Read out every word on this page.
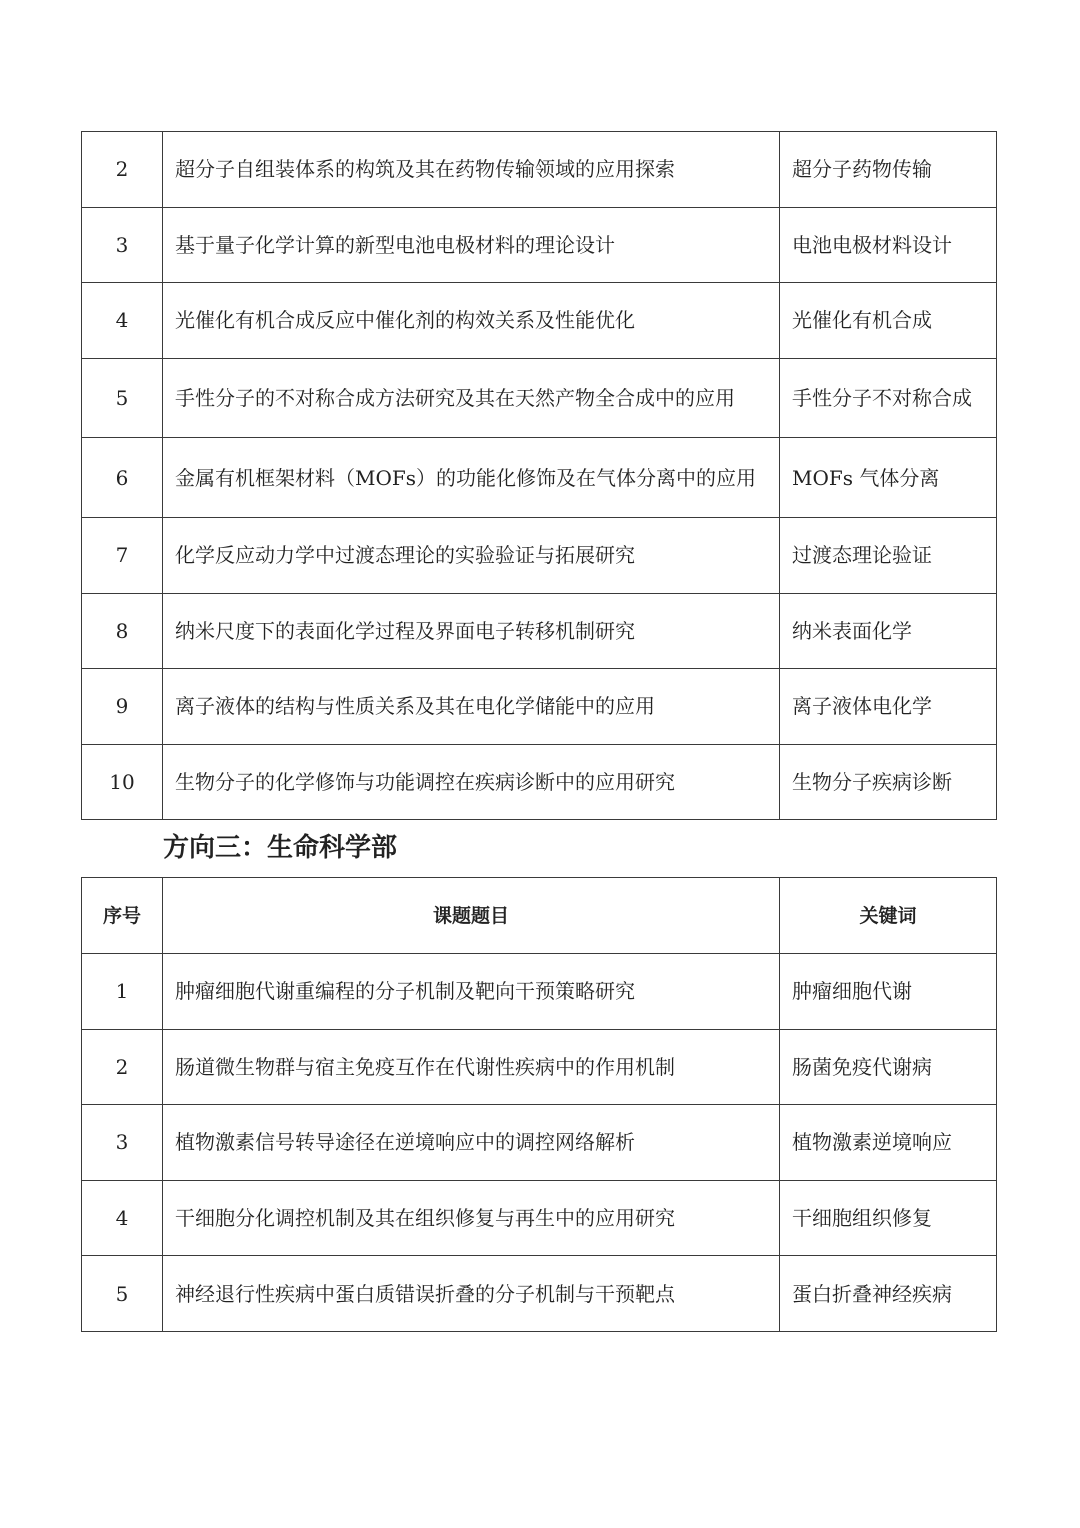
2	超分子自组装体系的构筑及其在药物传输领域的应用探索	超分子药物传输
3	基于量子化学计算的新型电池电极材料的理论设计	电池电极材料设计
4	光催化有机合成反应中催化剂的构效关系及性能优化	光催化有机合成
5	手性分子的不对称合成方法研究及其在天然产物全合成中的应用	手性分子不对称合成
6	金属有机框架材料（MOFs）的功能化修饰及在气体分离中的应用	MOFs 气体分离
7	化学反应动力学中过渡态理论的实验验证与拓展研究	过渡态理论验证
8	纳米尺度下的表面化学过程及界面电子转移机制研究	纳米表面化学
9	离子液体的结构与性质关系及其在电化学储能中的应用	离子液体电化学
10	生物分子的化学修饰与功能调控在疾病诊断中的应用研究	生物分子疾病诊断
方向三：生命科学部
序号	课题题目	关键词
1	肿瘤细胞代谢重编程的分子机制及靶向干预策略研究	肿瘤细胞代谢
2	肠道微生物群与宿主免疫互作在代谢性疾病中的作用机制	肠菌免疫代谢病
3	植物激素信号转导途径在逆境响应中的调控网络解析	植物激素逆境响应
4	干细胞分化调控机制及其在组织修复与再生中的应用研究	干细胞组织修复
5	神经退行性疾病中蛋白质错误折叠的分子机制与干预靶点	蛋白折叠神经疾病
